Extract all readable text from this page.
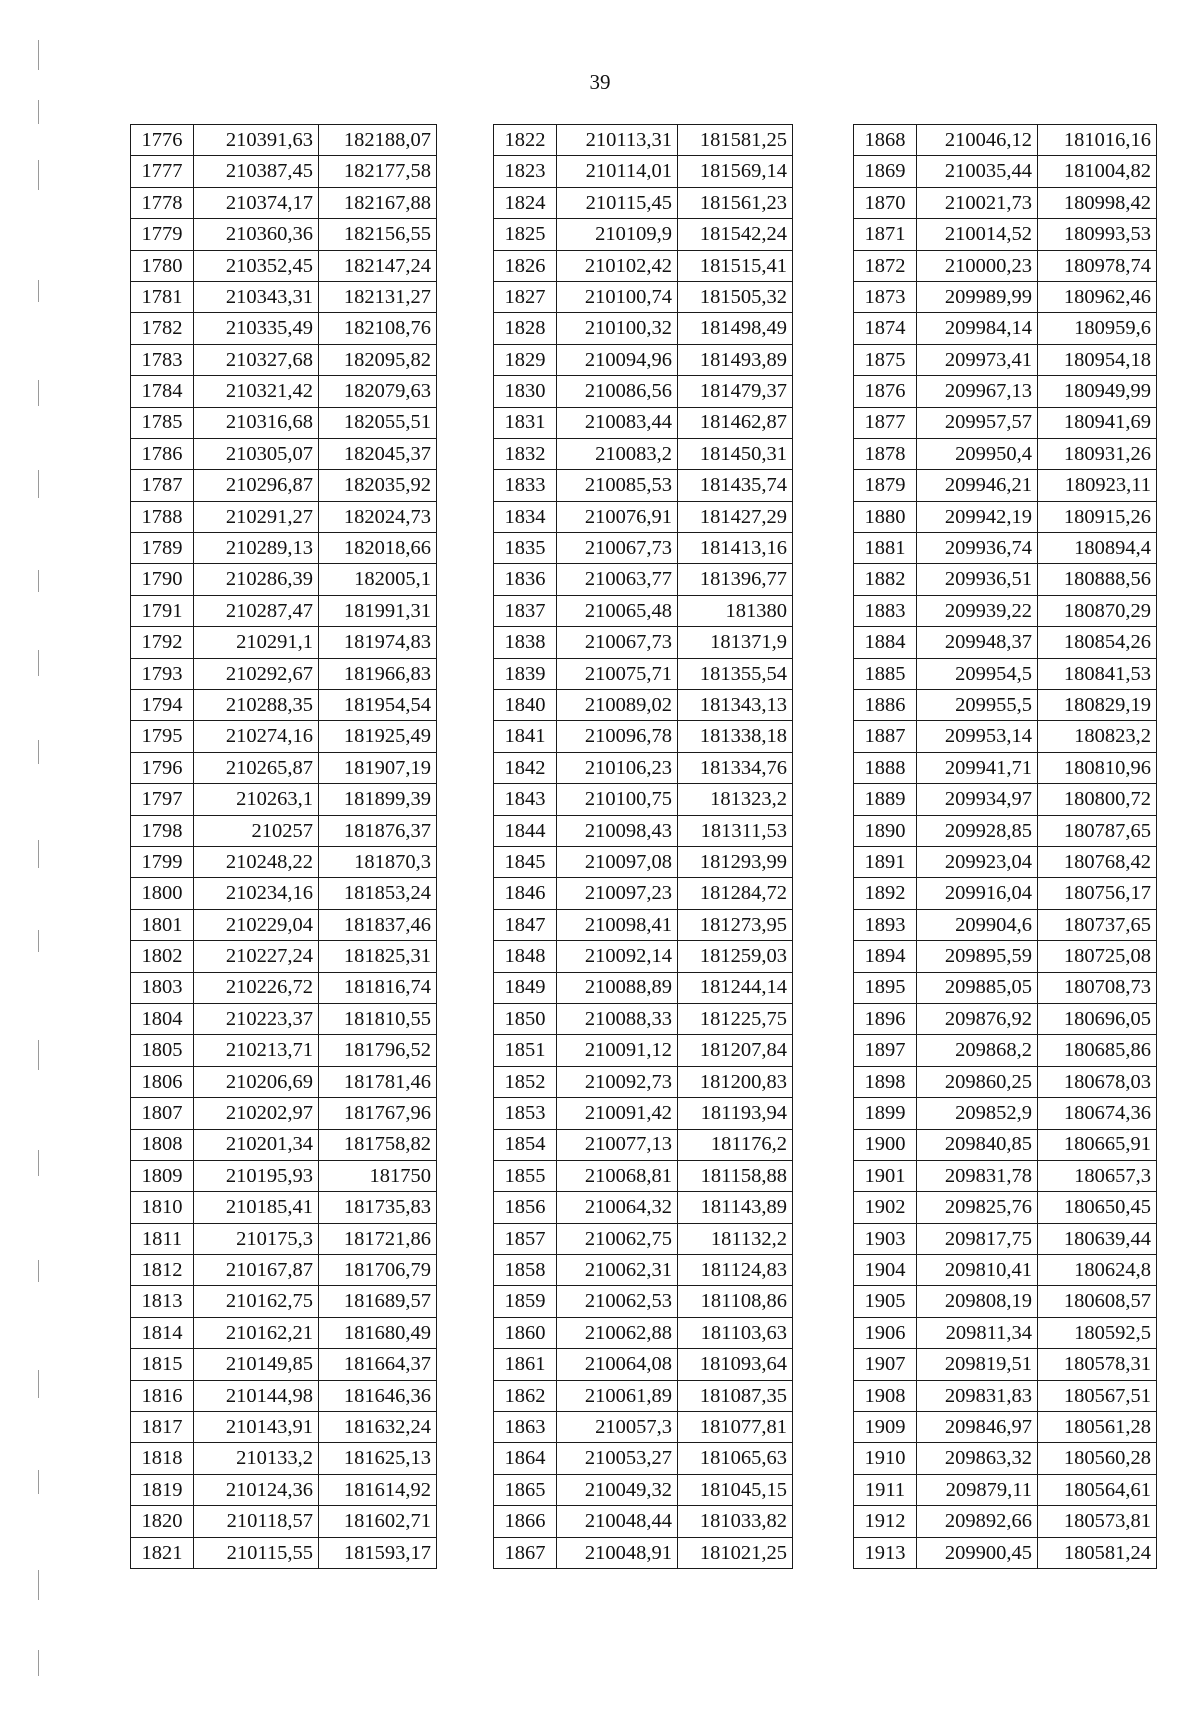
39
1776	210391,63	182188,07
1777	210387,45	182177,58
1778	210374,17	182167,88
1779	210360,36	182156,55
1780	210352,45	182147,24
1781	210343,31	182131,27
1782	210335,49	182108,76
1783	210327,68	182095,82
1784	210321,42	182079,63
1785	210316,68	182055,51
1786	210305,07	182045,37
1787	210296,87	182035,92
1788	210291,27	182024,73
1789	210289,13	182018,66
1790	210286,39	182005,1
1791	210287,47	181991,31
1792	210291,1	181974,83
1793	210292,67	181966,83
1794	210288,35	181954,54
1795	210274,16	181925,49
1796	210265,87	181907,19
1797	210263,1	181899,39
1798	210257	181876,37
1799	210248,22	181870,3
1800	210234,16	181853,24
1801	210229,04	181837,46
1802	210227,24	181825,31
1803	210226,72	181816,74
1804	210223,37	181810,55
1805	210213,71	181796,52
1806	210206,69	181781,46
1807	210202,97	181767,96
1808	210201,34	181758,82
1809	210195,93	181750
1810	210185,41	181735,83
1811	210175,3	181721,86
1812	210167,87	181706,79
1813	210162,75	181689,57
1814	210162,21	181680,49
1815	210149,85	181664,37
1816	210144,98	181646,36
1817	210143,91	181632,24
1818	210133,2	181625,13
1819	210124,36	181614,92
1820	210118,57	181602,71
1821	210115,55	181593,17
1822	210113,31	181581,25
1823	210114,01	181569,14
1824	210115,45	181561,23
1825	210109,9	181542,24
1826	210102,42	181515,41
1827	210100,74	181505,32
1828	210100,32	181498,49
1829	210094,96	181493,89
1830	210086,56	181479,37
1831	210083,44	181462,87
1832	210083,2	181450,31
1833	210085,53	181435,74
1834	210076,91	181427,29
1835	210067,73	181413,16
1836	210063,77	181396,77
1837	210065,48	181380
1838	210067,73	181371,9
1839	210075,71	181355,54
1840	210089,02	181343,13
1841	210096,78	181338,18
1842	210106,23	181334,76
1843	210100,75	181323,2
1844	210098,43	181311,53
1845	210097,08	181293,99
1846	210097,23	181284,72
1847	210098,41	181273,95
1848	210092,14	181259,03
1849	210088,89	181244,14
1850	210088,33	181225,75
1851	210091,12	181207,84
1852	210092,73	181200,83
1853	210091,42	181193,94
1854	210077,13	181176,2
1855	210068,81	181158,88
1856	210064,32	181143,89
1857	210062,75	181132,2
1858	210062,31	181124,83
1859	210062,53	181108,86
1860	210062,88	181103,63
1861	210064,08	181093,64
1862	210061,89	181087,35
1863	210057,3	181077,81
1864	210053,27	181065,63
1865	210049,32	181045,15
1866	210048,44	181033,82
1867	210048,91	181021,25
1868	210046,12	181016,16
1869	210035,44	181004,82
1870	210021,73	180998,42
1871	210014,52	180993,53
1872	210000,23	180978,74
1873	209989,99	180962,46
1874	209984,14	180959,6
1875	209973,41	180954,18
1876	209967,13	180949,99
1877	209957,57	180941,69
1878	209950,4	180931,26
1879	209946,21	180923,11
1880	209942,19	180915,26
1881	209936,74	180894,4
1882	209936,51	180888,56
1883	209939,22	180870,29
1884	209948,37	180854,26
1885	209954,5	180841,53
1886	209955,5	180829,19
1887	209953,14	180823,2
1888	209941,71	180810,96
1889	209934,97	180800,72
1890	209928,85	180787,65
1891	209923,04	180768,42
1892	209916,04	180756,17
1893	209904,6	180737,65
1894	209895,59	180725,08
1895	209885,05	180708,73
1896	209876,92	180696,05
1897	209868,2	180685,86
1898	209860,25	180678,03
1899	209852,9	180674,36
1900	209840,85	180665,91
1901	209831,78	180657,3
1902	209825,76	180650,45
1903	209817,75	180639,44
1904	209810,41	180624,8
1905	209808,19	180608,57
1906	209811,34	180592,5
1907	209819,51	180578,31
1908	209831,83	180567,51
1909	209846,97	180561,28
1910	209863,32	180560,28
1911	209879,11	180564,61
1912	209892,66	180573,81
1913	209900,45	180581,24
